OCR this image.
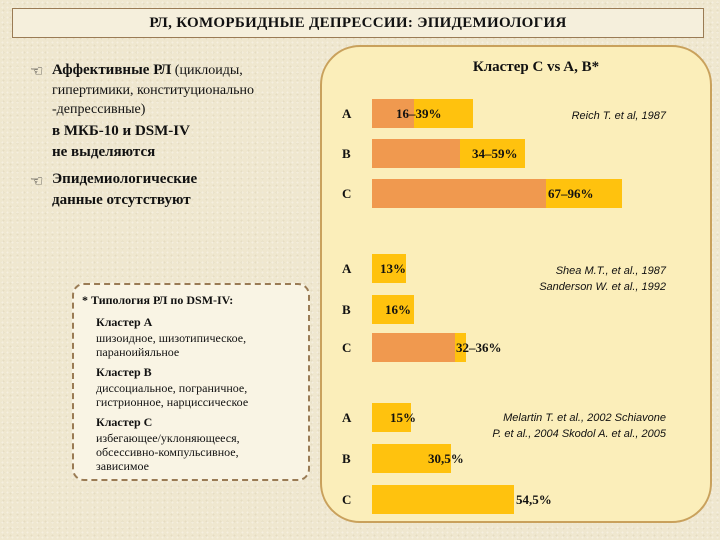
РЛ, КОМОРБИДНЫЕ ДЕПРЕССИИ: ЭПИДЕМИОЛОГИЯ
☜ Аффективные РЛ (циклоиды,
гипертимики, конституционально
-депрессивные)
в МКБ-10 и DSM-IV
не выделяются
☜ Эпидемиологические
данные отсутствуют
* Типология РЛ по DSM-IV:
Кластер А
шизоидное, шизотипическое,
параноийяльное
Кластер В
диссоциальное, пограничное,
гистрионное, нарциссическое
Кластер С
избегающее/уклоняющееся,
обсессивно-компульсивное,
зависимое
Кластер С vs A, B*
А
В
С
А
В
С
А
В
С
16–39%
34–59%
67–96%
13%
16%
32–36%
15%
30,5%
54,5%
Reich T. et al, 1987
Shea M.T., et al., 1987
Sanderson W. et al., 1992
Melartin T. et al., 2002 Schiavone
P. et al., 2004 Skodol A. et al., 2005
